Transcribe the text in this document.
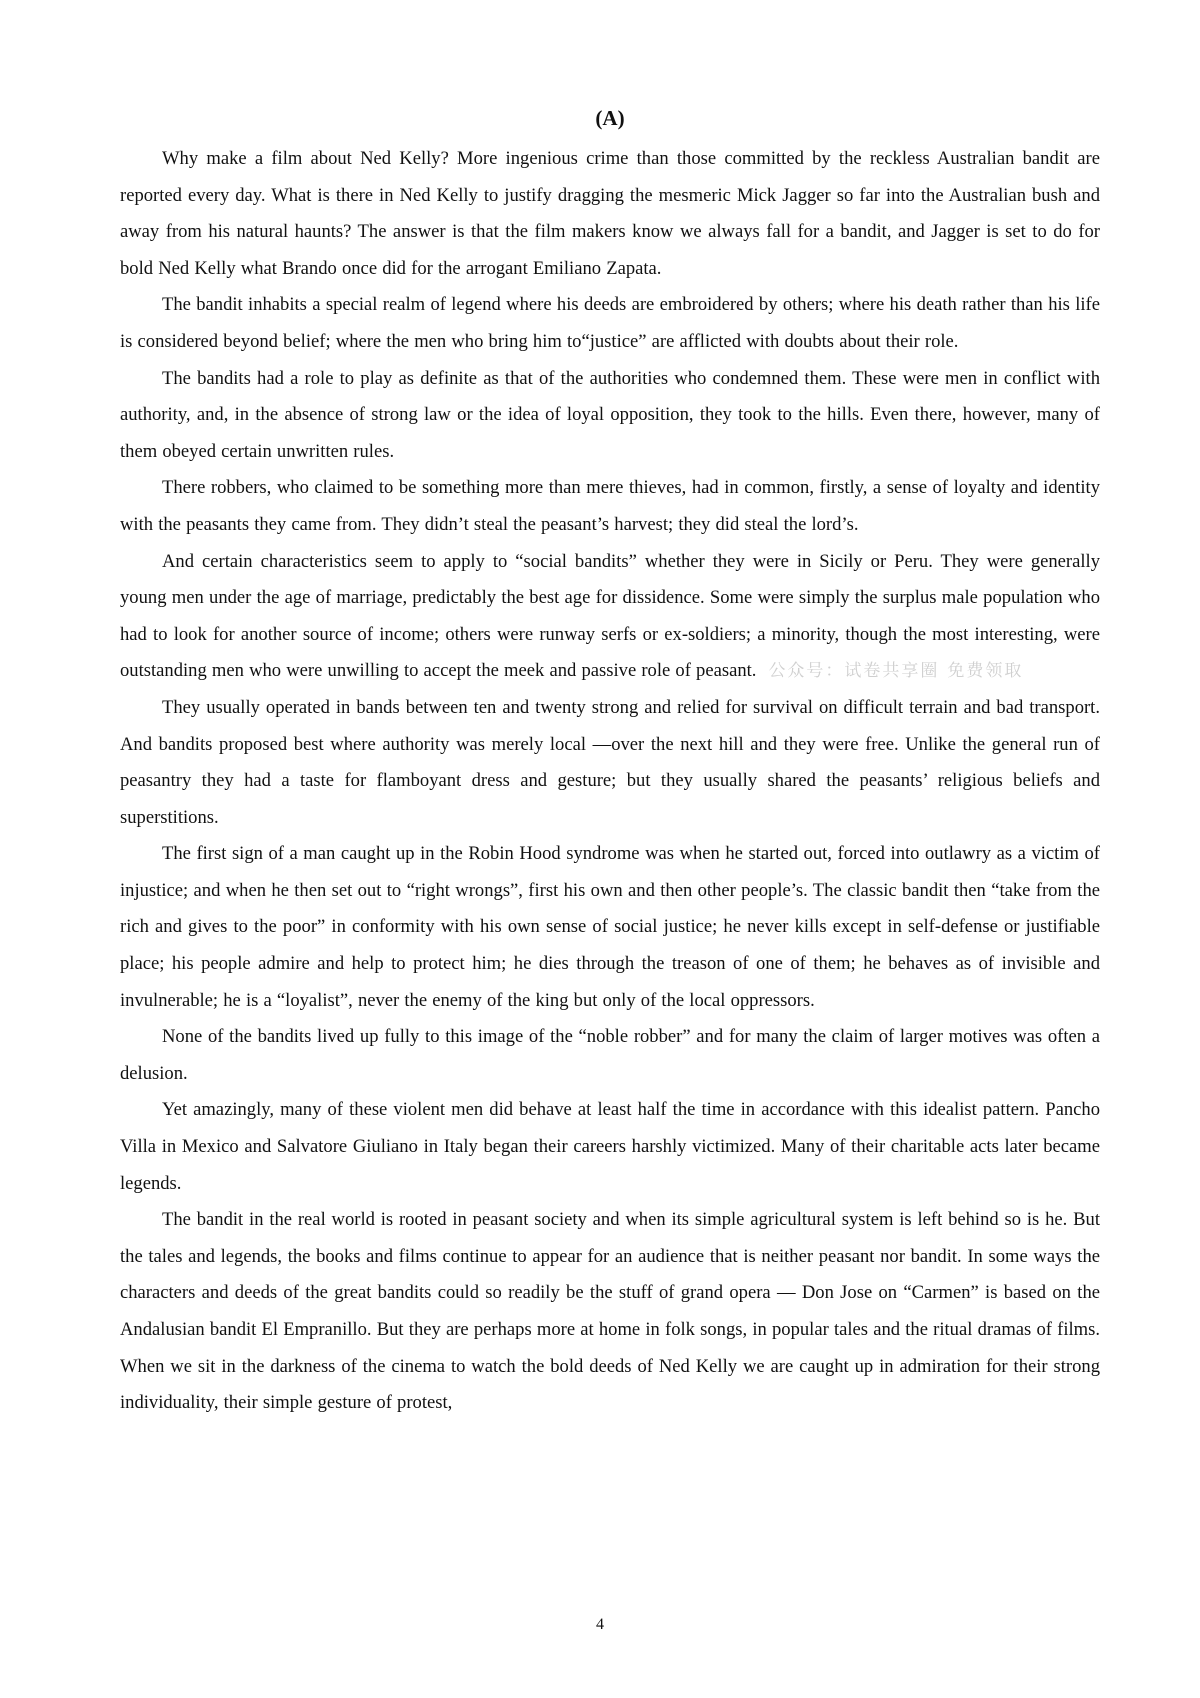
(A)

Why make a film about Ned Kelly? More ingenious crime than those committed by the reckless Australian bandit are reported every day. What is there in Ned Kelly to justify dragging the mesmeric Mick Jagger so far into the Australian bush and away from his natural haunts? The answer is that the film makers know we always fall for a bandit, and Jagger is set to do for bold Ned Kelly what Brando once did for the arrogant Emiliano Zapata.

The bandit inhabits a special realm of legend where his deeds are embroidered by others; where his death rather than his life is considered beyond belief; where the men who bring him to“justice” are afflicted with doubts about their role.

The bandits had a role to play as definite as that of the authorities who condemned them. These were men in conflict with authority, and, in the absence of strong law or the idea of loyal opposition, they took to the hills. Even there, however, many of them obeyed certain unwritten rules.

There robbers, who claimed to be something more than mere thieves, had in common, firstly, a sense of loyalty and identity with the peasants they came from. They didn’t steal the peasant’s harvest; they did steal the lord’s.

And certain characteristics seem to apply to “social bandits” whether they were in Sicily or Peru. They were generally young men under the age of marriage, predictably the best age for dissidence. Some were simply the surplus male population who had to look for another source of income; others were runway serfs or ex-soldiers; a minority, though the most interesting, were outstanding men who were unwilling to accept the meek and passive role of peasant. 公众号：试卷共享圈 免费领取

They usually operated in bands between ten and twenty strong and relied for survival on difficult terrain and bad transport. And bandits proposed best where authority was merely local —over the next hill and they were free. Unlike the general run of peasantry they had a taste for flamboyant dress and gesture; but they usually shared the peasants’ religious beliefs and superstitions.

The first sign of a man caught up in the Robin Hood syndrome was when he started out, forced into outlawry as a victim of injustice; and when he then set out to “right wrongs”, first his own and then other people’s. The classic bandit then “take from the rich and gives to the poor” in conformity with his own sense of social justice; he never kills except in self-defense or justifiable place; his people admire and help to protect him; he dies through the treason of one of them; he behaves as of invisible and invulnerable; he is a “loyalist”, never the enemy of the king but only of the local oppressors.

None of the bandits lived up fully to this image of the “noble robber” and for many the claim of larger motives was often a delusion.

Yet amazingly, many of these violent men did behave at least half the time in accordance with this idealist pattern. Pancho Villa in Mexico and Salvatore Giuliano in Italy began their careers harshly victimized. Many of their charitable acts later became legends.

The bandit in the real world is rooted in peasant society and when its simple agricultural system is left behind so is he. But the tales and legends, the books and films continue to appear for an audience that is neither peasant nor bandit. In some ways the characters and deeds of the great bandits could so readily be the stuff of grand opera — Don Jose on “Carmen” is based on the Andalusian bandit El Empranillo. But they are perhaps more at home in folk songs, in popular tales and the ritual dramas of films. When we sit in the darkness of the cinema to watch the bold deeds of Ned Kelly we are caught up in admiration for their strong individuality, their simple gesture of protest,

4
